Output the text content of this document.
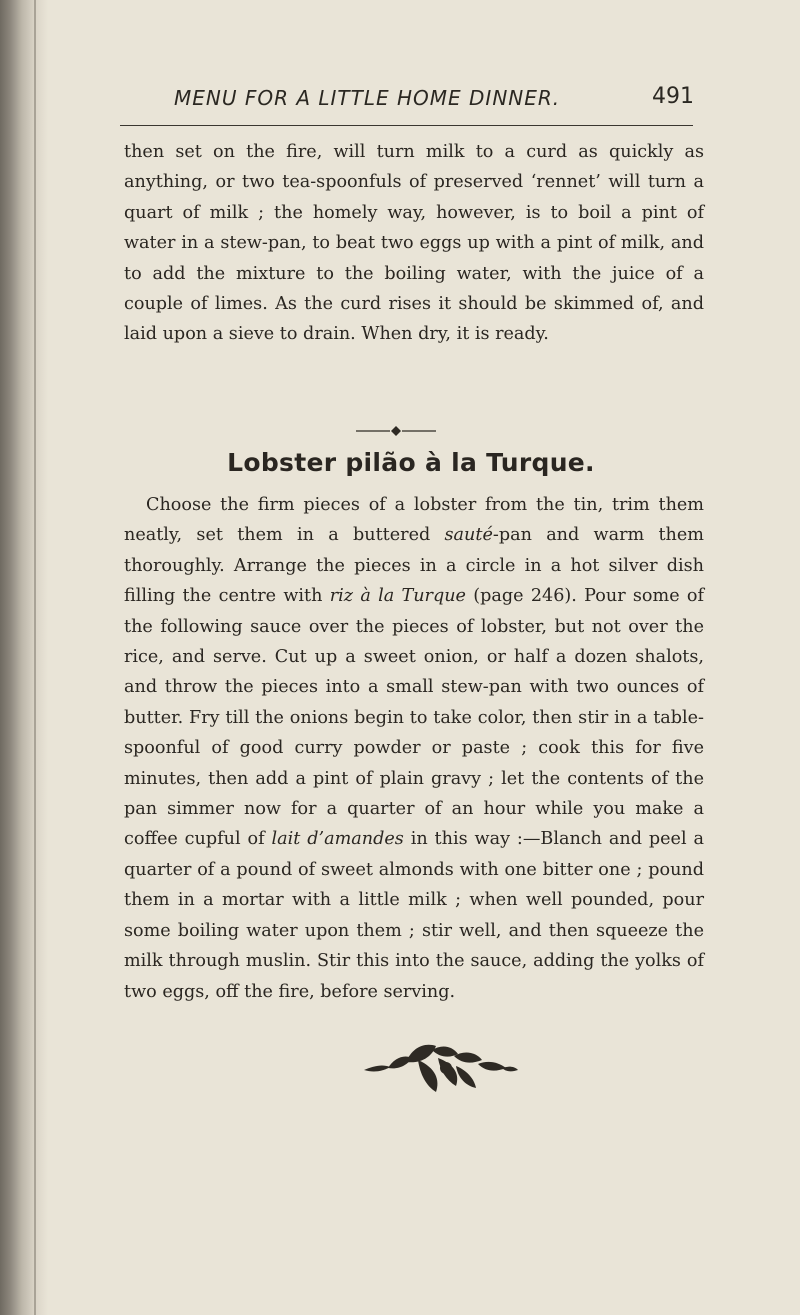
MENU FOR A LITTLE HOME DINNER.	491

then set on the fire, will turn milk to a curd as quickly as anything, or two tea-spoonfuls of preserved ‘rennet’ will turn a quart of milk ; the homely way, however, is to boil a pint of water in a stew-pan, to beat two eggs up with a pint of milk, and to add the mixture to the boiling water, with the juice of a couple of limes. As the curd rises it should be skimmed of, and laid upon a sieve to drain. When dry, it is ready.

Lobster pilão à la Turque.

Choose the firm pieces of a lobster from the tin, trim them neatly, set them in a buttered sauté-pan and warm them thoroughly. Arrange the pieces in a circle in a hot silver dish filling the centre with riz à la Turque (page 246). Pour some of the following sauce over the pieces of lobster, but not over the rice, and serve. Cut up a sweet onion, or half a dozen shalots, and throw the pieces into a small stew-pan with two ounces of butter. Fry till the onions begin to take color, then stir in a table-spoonful of good curry powder or paste ; cook this for five minutes, then add a pint of plain gravy ; let the contents of the pan simmer now for a quarter of an hour while you make a coffee cupful of lait d’amandes in this way :—Blanch and peel a quarter of a pound of sweet almonds with one bitter one ; pound them in a mortar with a little milk ; when well pounded, pour some boiling water upon them ; stir well, and then squeeze the milk through muslin. Stir this into the sauce, adding the yolks of two eggs, off the fire, before serving.
